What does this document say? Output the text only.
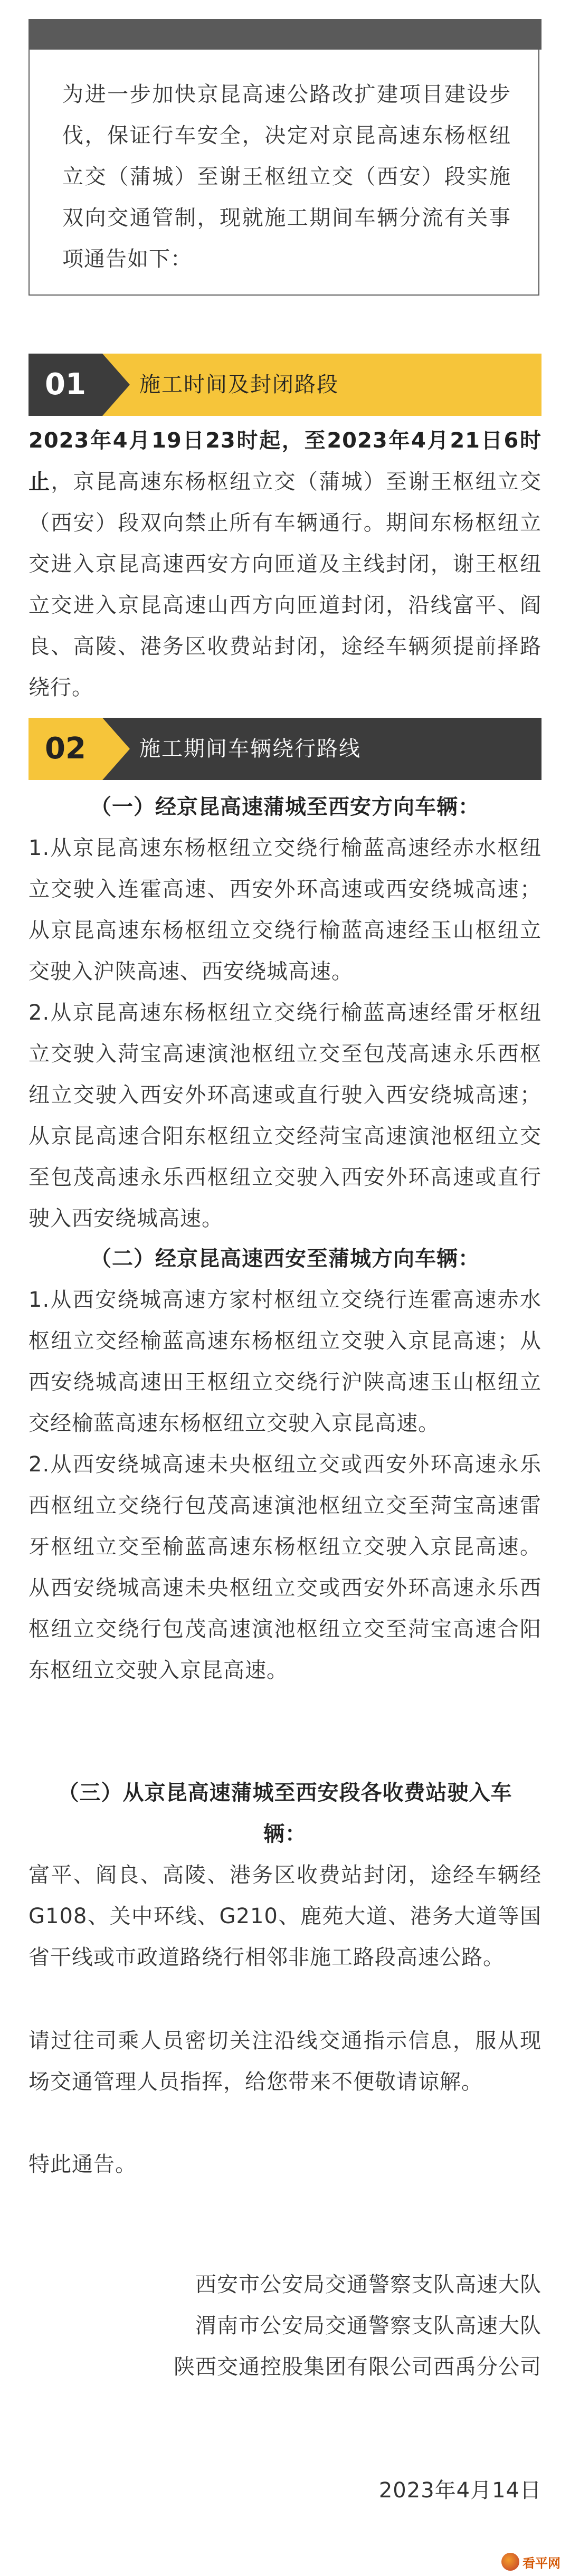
为进一步加快京昆高速公路改扩建项目建设步伐，保证行车安全，决定对京昆高速东杨枢纽立交（蒲城）至谢王枢纽立交（西安）段实施双向交通管制，现就施工期间车辆分流有关事项通告如下：
01	施工时间及封闭路段
2023年4月19日23时起，至2023年4月21日6时止，京昆高速东杨枢纽立交（蒲城）至谢王枢纽立交（西安）段双向禁止所有车辆通行。期间东杨枢纽立交进入京昆高速西安方向匝道及主线封闭，谢王枢纽立交进入京昆高速山西方向匝道封闭，沿线富平、阎良、高陵、港务区收费站封闭，途经车辆须提前择路绕行。
02	施工期间车辆绕行路线
（一）经京昆高速蒲城至西安方向车辆：
1.从京昆高速东杨枢纽立交绕行榆蓝高速经赤水枢纽立交驶入连霍高速、西安外环高速或西安绕城高速；从京昆高速东杨枢纽立交绕行榆蓝高速经玉山枢纽立交驶入沪陕高速、西安绕城高速。
2.从京昆高速东杨枢纽立交绕行榆蓝高速经雷牙枢纽立交驶入菏宝高速演池枢纽立交至包茂高速永乐西枢纽立交驶入西安外环高速或直行驶入西安绕城高速；从京昆高速合阳东枢纽立交经菏宝高速演池枢纽立交至包茂高速永乐西枢纽立交驶入西安外环高速或直行驶入西安绕城高速。
（二）经京昆高速西安至蒲城方向车辆：
1.从西安绕城高速方家村枢纽立交绕行连霍高速赤水枢纽立交经榆蓝高速东杨枢纽立交驶入京昆高速；从西安绕城高速田王枢纽立交绕行沪陕高速玉山枢纽立交经榆蓝高速东杨枢纽立交驶入京昆高速。
2.从西安绕城高速未央枢纽立交或西安外环高速永乐西枢纽立交绕行包茂高速演池枢纽立交至菏宝高速雷牙枢纽立交至榆蓝高速东杨枢纽立交驶入京昆高速。从西安绕城高速未央枢纽立交或西安外环高速永乐西枢纽立交绕行包茂高速演池枢纽立交至菏宝高速合阳东枢纽立交驶入京昆高速。
（三）从京昆高速蒲城至西安段各收费站驶入车
辆：
富平、阎良、高陵、港务区收费站封闭，途经车辆经G108、关中环线、G210、鹿苑大道、港务大道等国省干线或市政道路绕行相邻非施工路段高速公路。
请过往司乘人员密切关注沿线交通指示信息，服从现场交通管理人员指挥，给您带来不便敬请谅解。
特此通告。
西安市公安局交通警察支队高速大队
渭南市公安局交通警察支队高速大队
陕西交通控股集团有限公司西禹分公司
2023年4月14日
看平网
